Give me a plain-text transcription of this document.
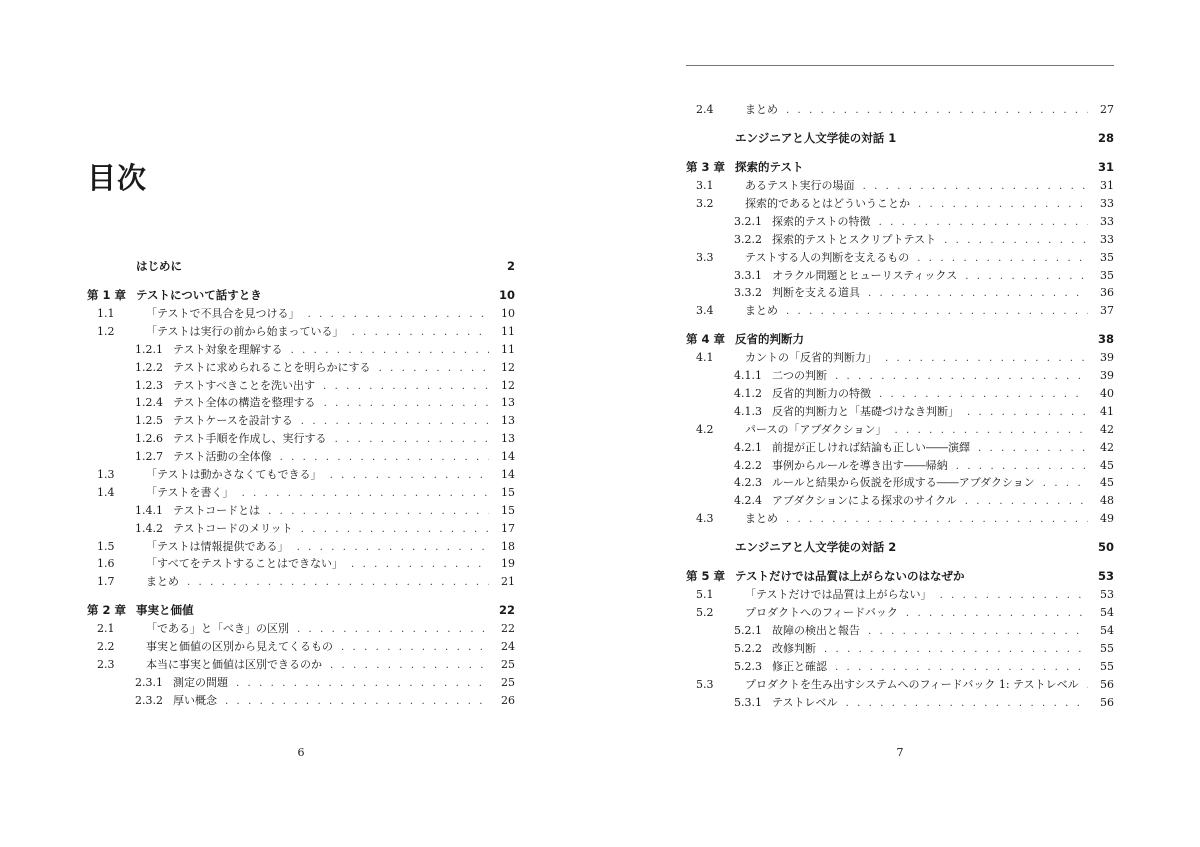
目次
はじめに	2
第 1 章 テストについて話すとき	10
1.1	「テストで不具合を見つける」 . . .	10
1.2	「テストは実行の前から始まっている」 . . .	11
1.2.1 テスト対象を理解する . . .	11
1.2.2 テストに求められることを明らかにする . . .	12
1.2.3 テストすべきことを洗い出す . . .	12
1.2.4 テスト全体の構造を整理する . . .	13
1.2.5 テストケースを設計する . . .	13
1.2.6 テスト手順を作成し、実行する . . .	13
1.2.7 テスト活動の全体像 . . .	14
1.3	「テストは動かさなくてもできる」 . . .	14
1.4	「テストを書く」 . . .	15
1.4.1 テストコードとは . . .	15
1.4.2 テストコードのメリット . . .	17
1.5	「テストは情報提供である」 . . .	18
1.6	「すべてをテストすることはできない」 . . .	19
1.7	まとめ . . .	21
第 2 章 事実と価値	22
2.1	「である」と「べき」の区別 . . .	22
2.2	事実と価値の区別から見えてくるもの . . .	24
2.3	本当に事実と価値は区別できるのか . . .	25
2.3.1 測定の問題 . . .	25
2.3.2 厚い概念 . . .	26
6
2.4	まとめ . . .	27
エンジニアと人文学徒の対話 1	28
第 3 章 探索的テスト	31
3.1	あるテスト実行の場面 . . .	31
3.2	探索的であるとはどういうことか . . .	33
3.2.1 探索的テストの特徴 . . .	33
3.2.2 探索的テストとスクリプトテスト . . .	33
3.3	テストする人の判断を支えるもの . . .	35
3.3.1 オラクル問題とヒューリスティックス . . .	35
3.3.2 判断を支える道具 . . .	36
3.4	まとめ . . .	37
第 4 章 反省的判断力	38
4.1	カントの「反省的判断力」 . . .	39
4.1.1 二つの判断 . . .	39
4.1.2 反省的判断力の特徴 . . .	40
4.1.3 反省的判断力と「基礎づけなき判断」 . . .	41
4.2	パースの「アブダクション」 . . .	42
4.2.1 前提が正しければ結論も正しい――演繹 . . .	42
4.2.2 事例からルールを導き出す――帰納 . . .	45
4.2.3 ルールと結果から仮説を形成する――アブダクション . . .	45
4.2.4 アブダクションによる探求のサイクル . . .	48
4.3	まとめ . . .	49
エンジニアと人文学徒の対話 2	50
第 5 章 テストだけでは品質は上がらないのはなぜか	53
5.1	「テストだけでは品質は上がらない」 . . .	53
5.2	プロダクトへのフィードバック . . .	54
5.2.1 故障の検出と報告 . . .	54
5.2.2 改修判断 . . .	55
5.2.3 修正と確認 . . .	55
5.3	プロダクトを生み出すシステムへのフィードバック 1: テストレベル . . .	56
5.3.1 テストレベル . . .	56
7
